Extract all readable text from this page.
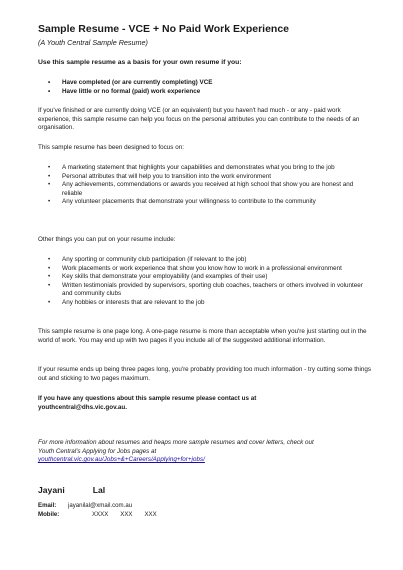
Sample Resume - VCE + No Paid Work Experience
(A Youth Central Sample Resume)
Use this sample resume as a basis for your own resume if you:
• Have completed (or are currently completing) VCE
• Have little or no formal (paid) work experience
If you've finished or are currently doing VCE (or an equivalent) but you haven't had much - or any - paid work experience, this sample resume can help you focus on the personal attributes you can contribute to the needs of an organisation.
This sample resume has been designed to focus on:
• A marketing statement that highlights your capabilities and demonstrates what you bring to the job
• Personal attributes that will help you to transition into the work environment
• Any achievements, commendations or awards you received at high school that show you are honest and reliable
• Any volunteer placements that demonstrate your willingness to contribute to the community
Other things you can put on your resume include:
• Any sporting or community club participation (if relevant to the job)
• Work placements or work experience that show you know how to work in a professional environment
• Key skills that demonstrate your employability (and examples of their use)
• Written testimonials provided by supervisors, sporting club coaches, teachers or others involved in volunteer and community clubs
• Any hobbies or interests that are relevant to the job
This sample resume is one page long. A one-page resume is more than acceptable when you're just starting out in the world of work. You may end up with two pages if you include all of the suggested additional information.
If your resume ends up being three pages long, you're probably providing too much information - try cutting some things out and sticking to two pages maximum.
If you have any questions about this sample resume please contact us at
youthcentral@dhs.vic.gov.au.
For more information about resumes and heaps more sample resumes and cover letters, check out
Youth Central's Applying for Jobs pages at
youthcentral.vic.gov.au/Jobs+&+Careers/Applying+for+jobs/
Jayani	Lal
Email: jayanilal@xmail.com.au
Mobile:	XXXX XXX XXX
